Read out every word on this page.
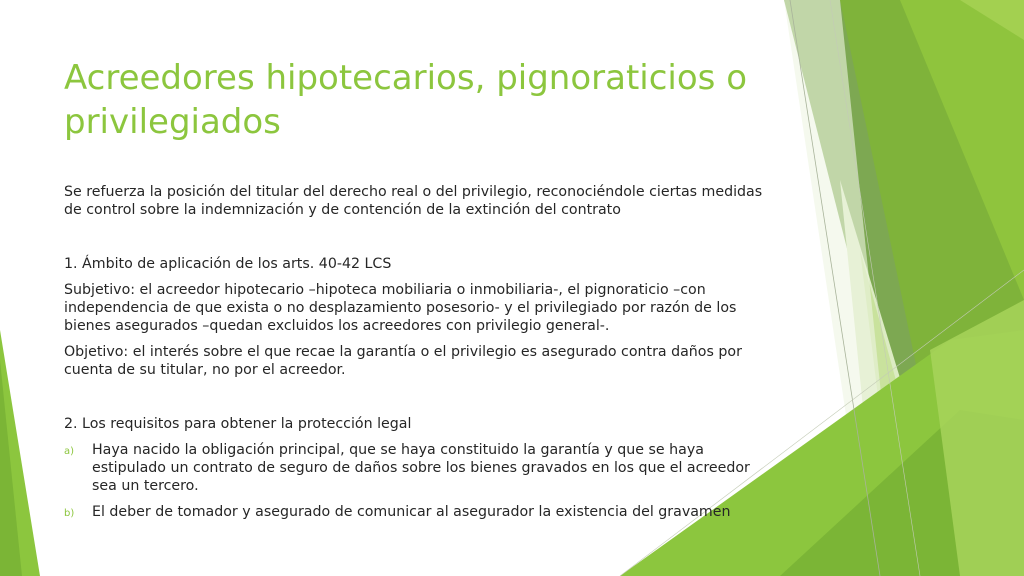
Acreedores hipotecarios, pignoraticios o privilegiados

Se refuerza la posición del titular del derecho real o del privilegio, reconociéndole ciertas medidas de control sobre la indemnización y de contención de la extinción del contrato

1. Ámbito de aplicación de los arts. 40-42 LCS

Subjetivo: el acreedor hipotecario –hipoteca mobiliaria o inmobiliaria-, el pignoraticio –con independencia de que exista o no desplazamiento posesorio- y el privilegiado por razón de los bienes asegurados –quedan excluidos los acreedores con privilegio general-.

Objetivo: el interés sobre el que recae la garantía o el privilegio es asegurado contra daños por cuenta de su titular, no por el acreedor.

2. Los requisitos para obtener la protección legal

a)	Haya nacido la obligación principal, que se haya constituido la garantía y que se haya estipulado un contrato de seguro de daños sobre los bienes gravados en los que el acreedor sea un tercero.
b)	El deber de tomador y asegurado de comunicar al asegurador la existencia del gravamen
